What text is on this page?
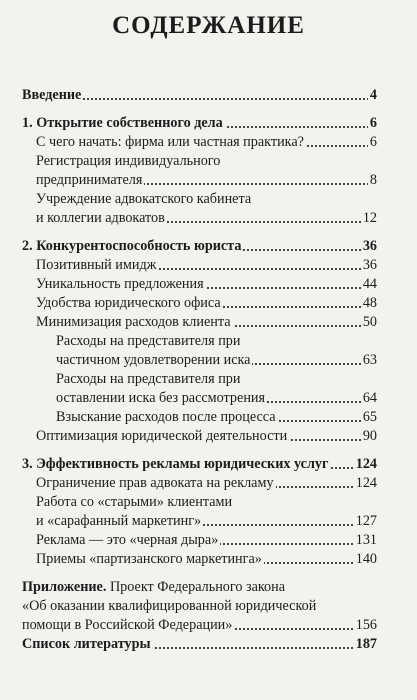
СОДЕРЖАНИЕ
Введение	4
1. Открытие собственного дела	6
С чего начать: фирма или частная практика?	6
Регистрация индивидуального
предпринимателя	8
Учреждение адвокатского кабинета
и коллегии адвокатов	12
2. Конкурентоспособность юриста	36
Позитивный имидж	36
Уникальность предложения	44
Удобства юридического офиса	48
Минимизация расходов клиента	50
Расходы на представителя при
частичном удовлетворении иска	63
Расходы на представителя при
оставлении иска без рассмотрения	64
Взыскание расходов после процесса	65
Оптимизация юридической деятельности	90
3. Эффективность рекламы юридических услуг 124
Ограничение прав адвоката на рекламу	124
Работа со «старыми» клиентами
и «сарафанный маркетинг»	127
Реклама — это «черная дыра»	131
Приемы «партизанского маркетинга»	140
Приложение. Проект Федерального закона
«Об оказании квалифицированной юридической
помощи в Российской Федерации»	156
Список литературы	187
